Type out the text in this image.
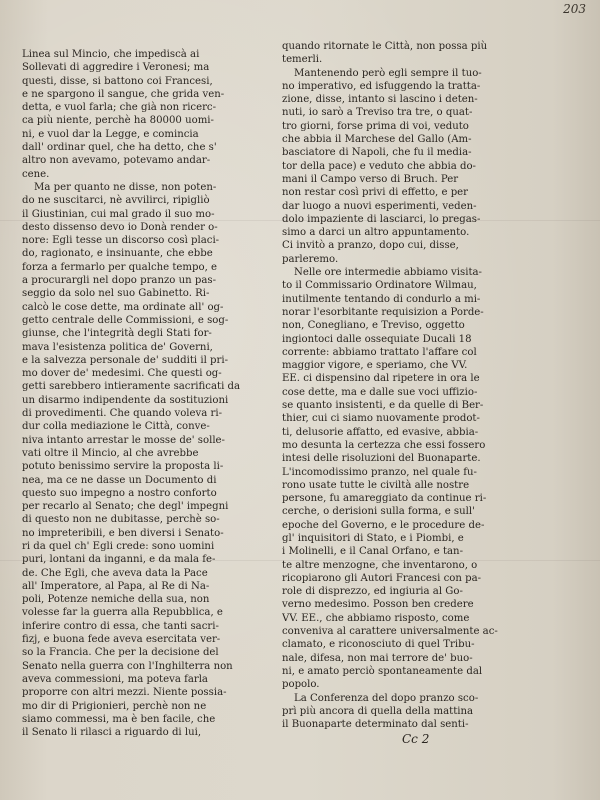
203
Linea sul Mincio, che impediscà ai
Sollevati di aggredire i Veronesi; ma
questi, disse, si battono coi Francesi,
e ne spargono il sangue, che grida ven-
detta, e vuol farla; che già non ricerc-
ca più niente, perchè ha 80000 uomi-
ni, e vuol dar la Legge, e comincia
dall' ordinar quel, che ha detto, che s'
altro non avevamo, potevamo andar-
cene.
Ma per quanto ne disse, non poten-
do ne suscitarci, nè avvilirci, ripigliò
il Giustinian, cui mal grado il suo mo-
desto dissenso devo io Donà render o-
nore: Egli tesse un discorso così placi-
do, ragionato, e insinuante, che ebbe
forza a fermarlo per qualche tempo, e
a procurargli nel dopo pranzo un pas-
seggio da solo nel suo Gabinetto. Ri-
calcò le cose dette, ma ordinate all' og-
getto centrale delle Commissioni, e sog-
giunse, che l'integrità degli Stati for-
mava l'esistenza politica de' Governi,
e la salvezza personale de' sudditi il pri-
mo dover de' medesimi. Che questi og-
getti sarebbero intieramente sacrificati da
un disarmo indipendente da sostituzioni
di provedimenti. Che quando voleva ri-
dur colla mediazione le Città, conve-
niva intanto arrestar le mosse de' solle-
vati oltre il Mincio, al che avrebbe
potuto benissimo servire la proposta li-
nea, ma ce ne dasse un Documento di
questo suo impegno a nostro conforto
per recarlo al Senato; che degl' impegni
di questo non ne dubitasse, perchè so-
no impreteribili, e ben diversi i Senato-
ri da quel ch' Egli crede: sono uomini
puri, lontani da inganni, e da mala fe-
de. Che Egli, che aveva data la Pace
all' Imperatore, al Papa, al Re di Na-
poli, Potenze nemiche della sua, non
volesse far la guerra alla Repubblica, e
inferire contro di essa, che tanti sacri-
fizj, e buona fede aveva esercitata ver-
so la Francia. Che per la decisione del
Senato nella guerra con l'Inghilterra non
aveva commessioni, ma poteva farla
proporre con altri mezzi. Niente possia-
mo dir di Prigionieri, perchè non ne
siamo commessi, ma è ben facile, che
il Senato li rilasci a riguardo di lui,
quando ritornate le Città, non possa più
temerli.
Mantenendo però egli sempre il tuo-
no imperativo, ed isfuggendo la tratta-
zione, disse, intanto si lascino i deten-
nuti, io sarò a Treviso tra tre, o quat-
tro giorni, forse prima di voi, veduto
che abbia il Marchese del Gallo (Am-
basciatore di Napoli, che fu il media-
tor della pace) e veduto che abbia do-
mani il Campo verso di Bruch. Per
non restar così privi di effetto, e per
dar luogo a nuovi esperimenti, veden-
dolo impaziente di lasciarci, lo pregas-
simo a darci un altro appuntamento.
Ci invitò a pranzo, dopo cui, disse,
parleremo.
Nelle ore intermedie abbiamo visita-
to il Commissario Ordinatore Wilmau,
inutilmente tentando di condurlo a mi-
norar l'esorbitante requisizion a Porde-
non, Conegliano, e Treviso, oggetto
ingiontoci dalle ossequiate Ducali 18
corrente: abbiamo trattato l'affare col
maggior vigore, e speriamo, che VV.
EE. ci dispensino dal ripetere in ora le
cose dette, ma e dalle sue voci uffizio-
se quanto insistenti, e da quelle di Ber-
thier, cui ci siamo nuovamente prodot-
ti, delusorie affatto, ed evasive, abbia-
mo desunta la certezza che essi fossero
intesi delle risoluzioni del Buonaparte.
L'incomodissimo pranzo, nel quale fu-
rono usate tutte le civiltà alle nostre
persone, fu amareggiato da continue ri-
cerche, o derisioni sulla forma, e sull'
epoche del Governo, e le procedure de-
gl' inquisitori di Stato, e i Piombi, e
i Molinelli, e il Canal Orfano, e tan-
te altre menzogne, che inventarono, o
ricopiarono gli Autori Francesi con pa-
role di disprezzo, ed ingiuria al Go-
verno medesimo. Posson ben credere
VV. EE., che abbiamo risposto, come
conveniva al carattere universalmente ac-
clamato, e riconosciuto di quel Tribu-
nale, difesa, non mai terrore de' buo-
ni, e amato perciò spontaneamente dal
popolo.
La Conferenza del dopo pranzo sco-
prì più ancora di quella della mattina
il Buonaparte determinato dal senti-
Cc 2
